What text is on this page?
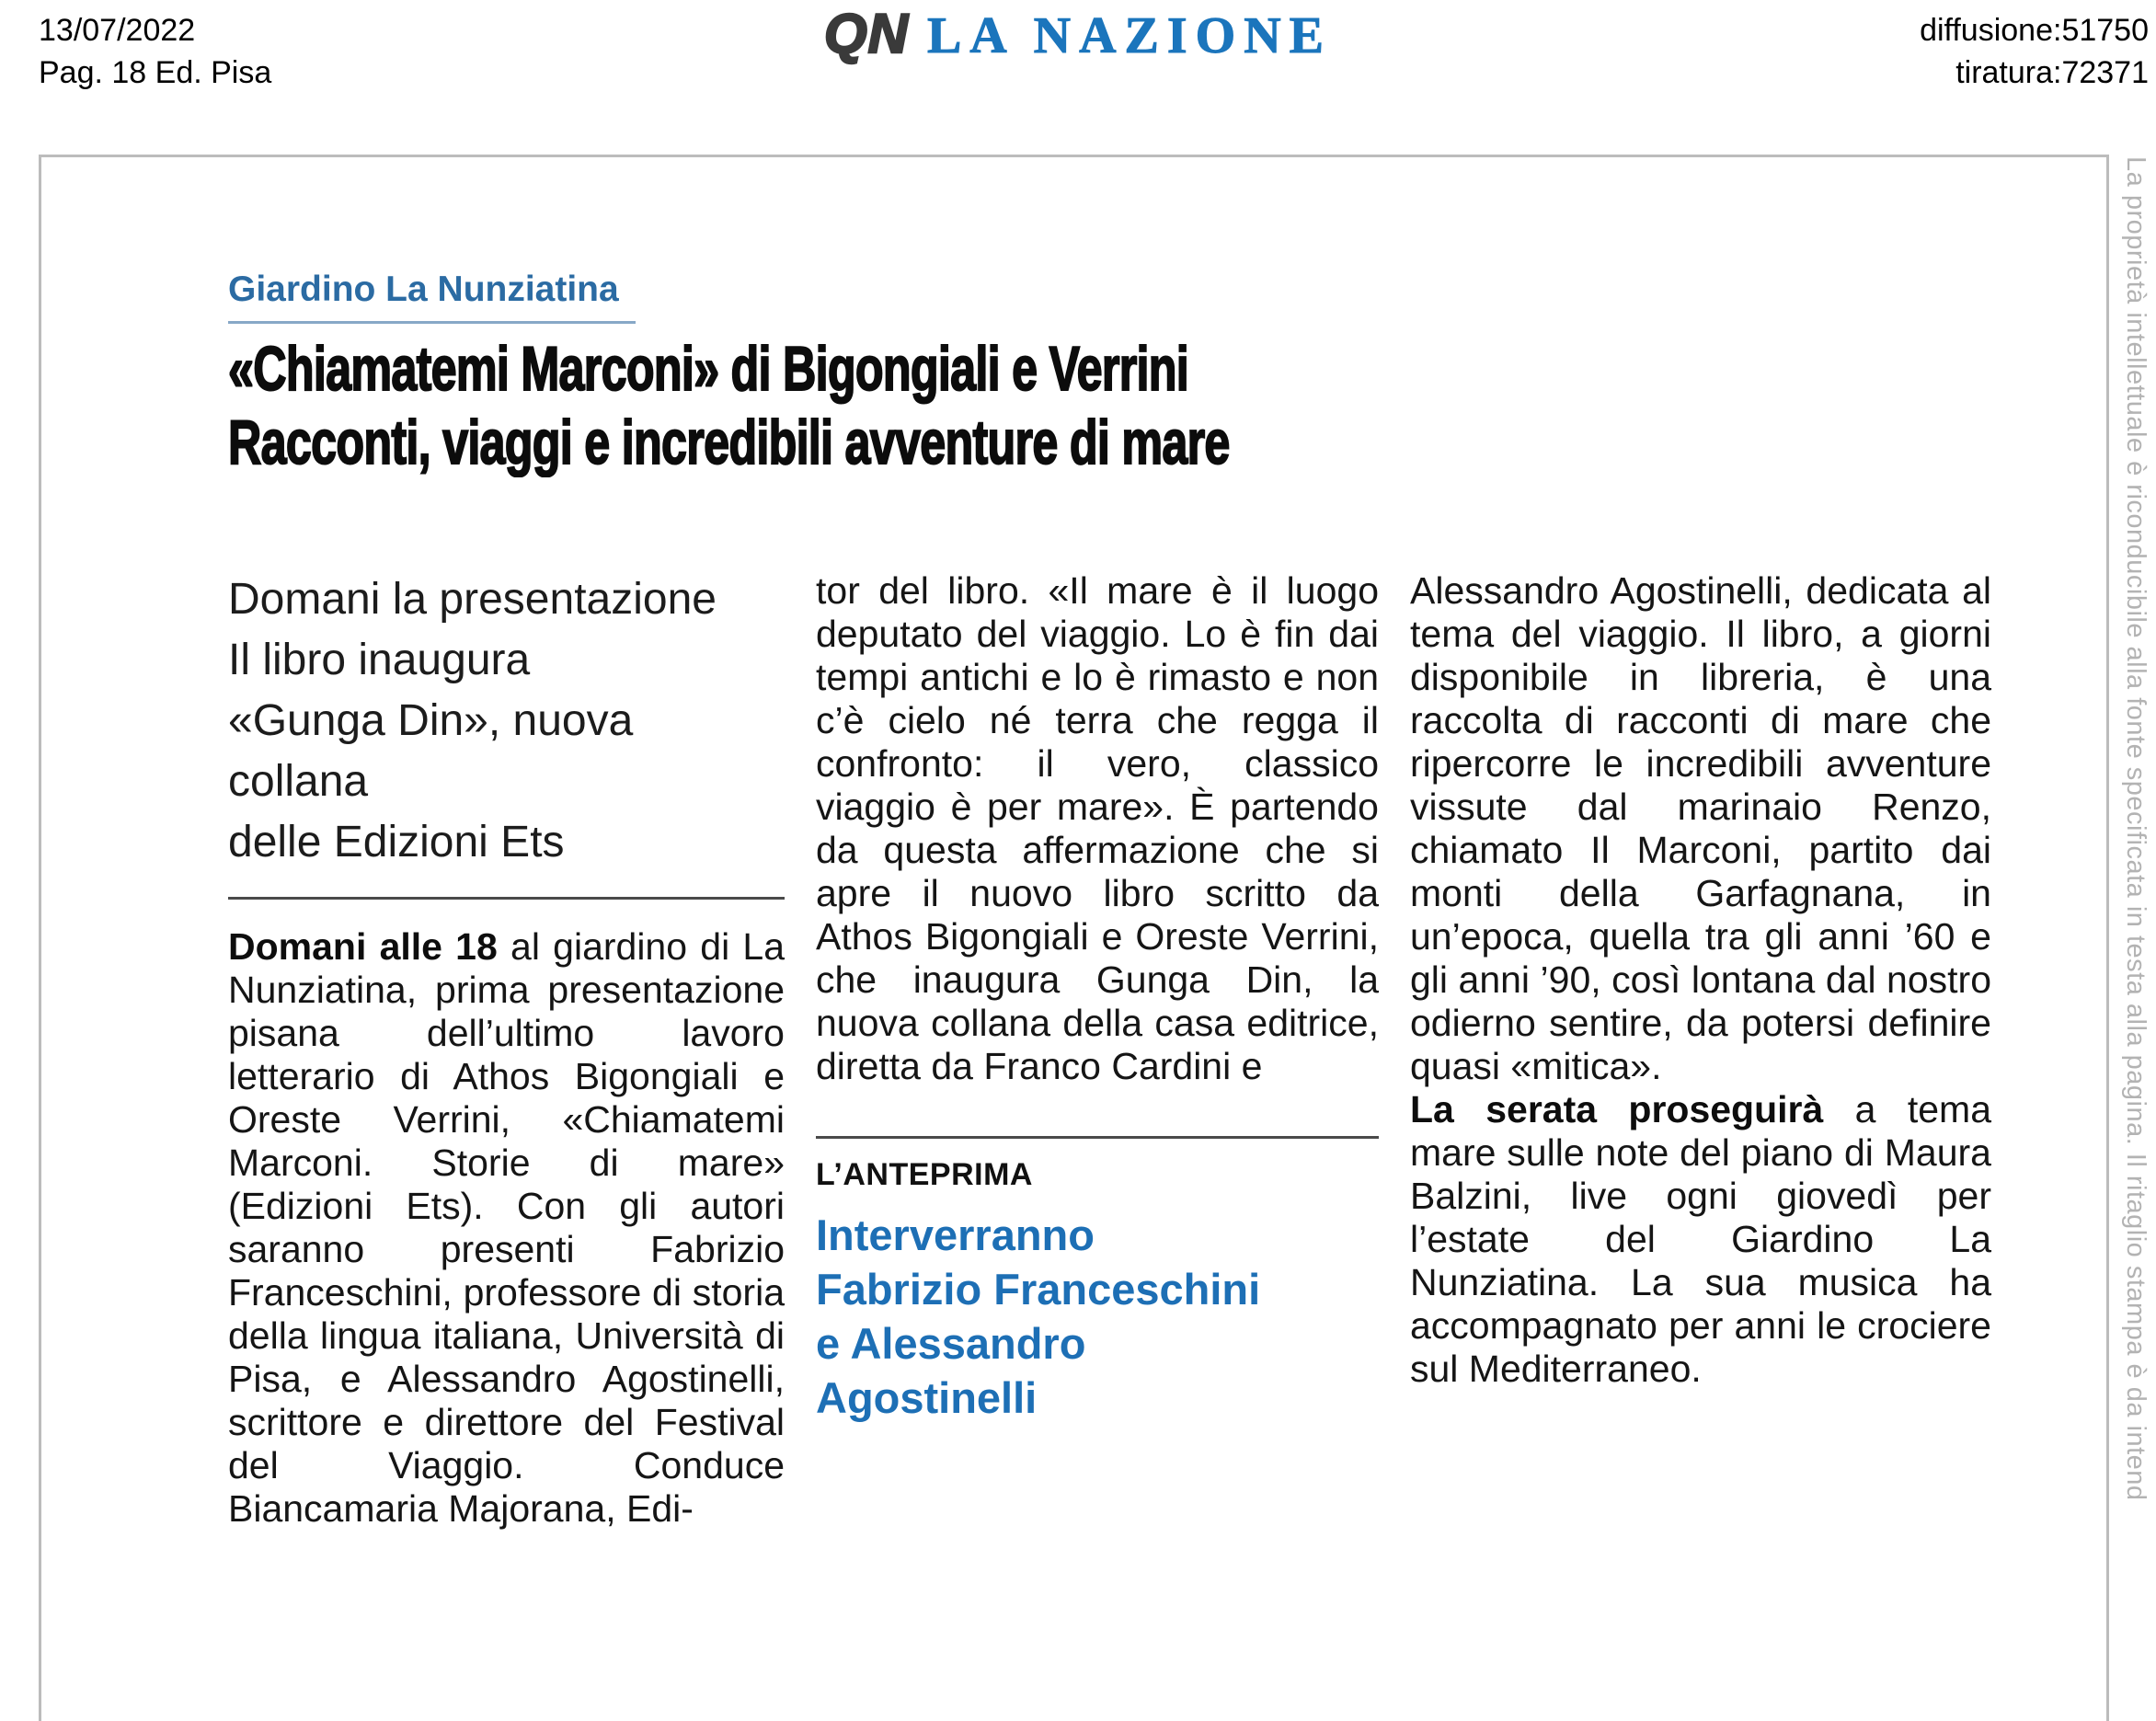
13/07/2022
Pag. 18 Ed. Pisa
QN LA NAZIONE	diffusione:51750
tiratura:72371
Giardino La Nunziatina
«Chiamatemi Marconi» di Bigongiali e Verrini
Racconti, viaggi e incredibili avventure di mare
Domani la presentazione
Il libro inaugura
«Gunga Din», nuova collana
delle Edizioni Ets

Domani alle 18 al giardino di La Nunziatina, prima presentazione pisana dell’ultimo lavoro letterario di Athos Bigongiali e Oreste Verrini, «Chiamatemi Marconi. Storie di mare» (Edizioni Ets). Con gli autori saranno presenti Fabrizio Franceschini, professore di storia della lingua italiana, Università di Pisa, e Alessandro Agostinelli, scrittore e direttore del Festival del Viaggio. Conduce Biancamaria Majorana, Edi-

tor del libro. «Il mare è il luogo deputato del viaggio. Lo è fin dai tempi antichi e lo è rimasto e non c’è cielo né terra che regga il confronto: il vero, classico viaggio è per mare». È partendo da questa affermazione che si apre il nuovo libro scritto da Athos Bigongiali e Oreste Verrini, che inaugura Gunga Din, la nuova collana della casa editrice, diretta da Franco Cardini e

L’ANTEPRIMA
Interverranno
Fabrizio Franceschini
e Alessandro
Agostinelli

Alessandro Agostinelli, dedicata al tema del viaggio. Il libro, a giorni disponibile in libreria, è una raccolta di racconti di mare che ripercorre le incredibili avventure vissute dal marinaio Renzo, chiamato Il Marconi, partito dai monti della Garfagnana, in un’epoca, quella tra gli anni ’60 e gli anni ’90, così lontana dal nostro odierno sentire, da potersi definire quasi «mitica».

La serata proseguirà a tema mare sulle note del piano di Maura Balzini, live ogni giovedì per l’estate del Giardino La Nunziatina. La sua musica ha accompagnato per anni le crociere sul Mediterraneo.	La proprietà intellettuale è riconducibile alla fonte specificata in testa alla pagina. Il ritaglio stampa è da intend
